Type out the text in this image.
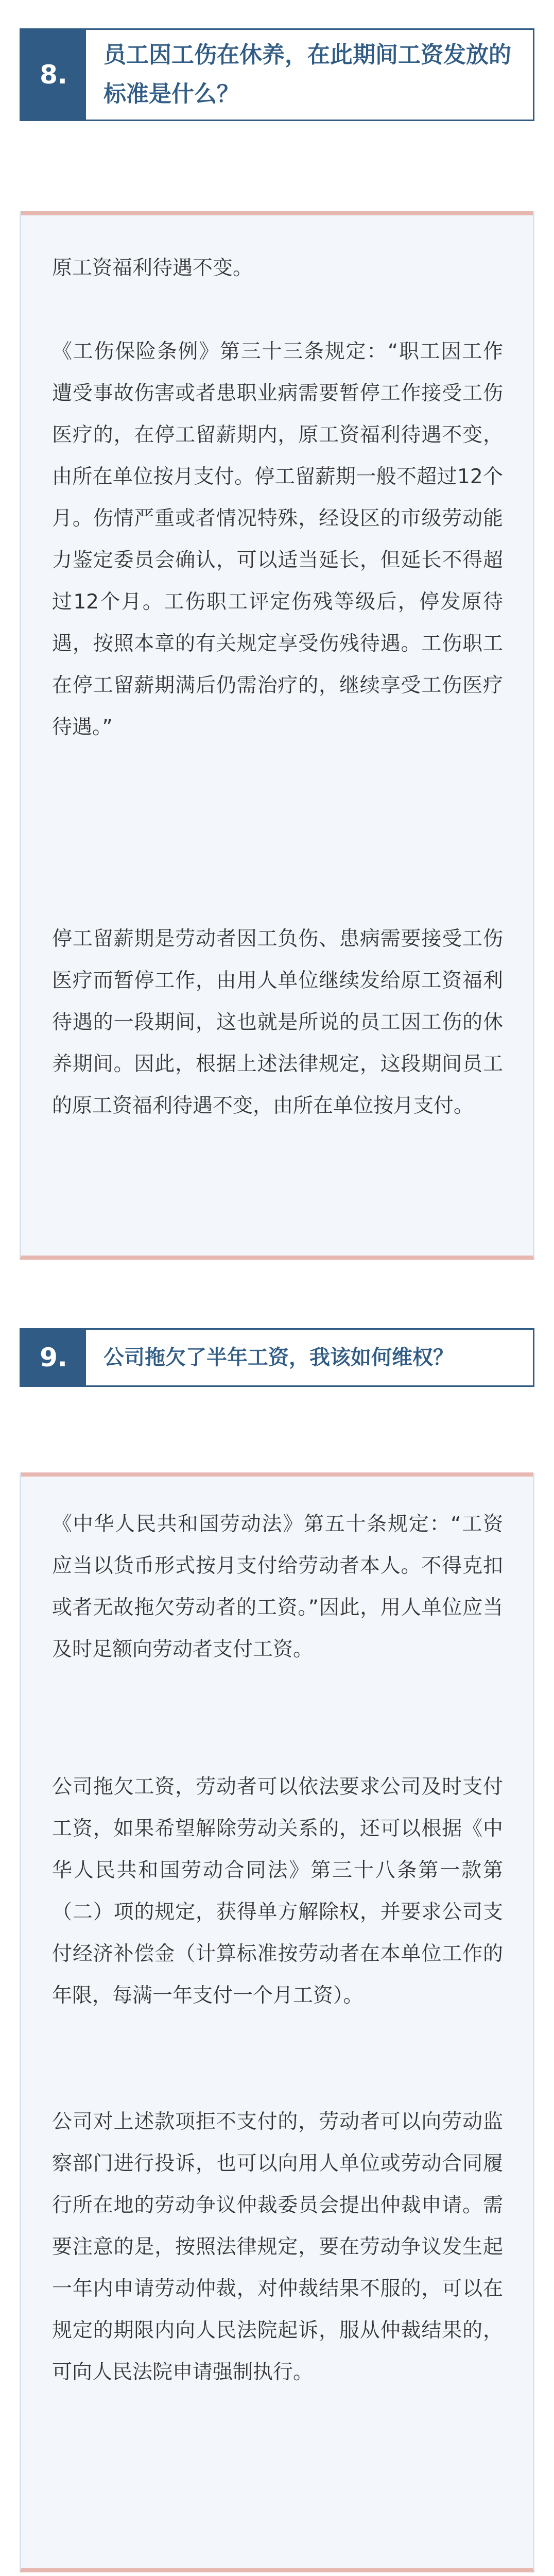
8.
员工因工伤在休养，在此期间工资发放的标准是什么？
原工资福利待遇不变。
《工伤保险条例》第三十三条规定：“职工因工作遭受事故伤害或者患职业病需要暂停工作接受工伤医疗的，在停工留薪期内，原工资福利待遇不变，由所在单位按月支付。停工留薪期一般不超过12个月。伤情严重或者情况特殊，经设区的市级劳动能力鉴定委员会确认，可以适当延长，但延长不得超过12个月。工伤职工评定伤残等级后，停发原待遇，按照本章的有关规定享受伤残待遇。工伤职工在停工留薪期满后仍需治疗的，继续享受工伤医疗待遇。”
停工留薪期是劳动者因工负伤、患病需要接受工伤医疗而暂停工作，由用人单位继续发给原工资福利待遇的一段期间，这也就是所说的员工因工伤的休养期间。因此，根据上述法律规定，这段期间员工的原工资福利待遇不变，由所在单位按月支付。
9.	公司拖欠了半年工资，我该如何维权？
《中华人民共和国劳动法》第五十条规定：“工资应当以货币形式按月支付给劳动者本人。不得克扣或者无故拖欠劳动者的工资。”因此，用人单位应当及时足额向劳动者支付工资。
公司拖欠工资，劳动者可以依法要求公司及时支付工资，如果希望解除劳动关系的，还可以根据《中华人民共和国劳动合同法》第三十八条第一款第（二）项的规定，获得单方解除权，并要求公司支付经济补偿金（计算标准按劳动者在本单位工作的年限，每满一年支付一个月工资）。
公司对上述款项拒不支付的，劳动者可以向劳动监察部门进行投诉，也可以向用人单位或劳动合同履行所在地的劳动争议仲裁委员会提出仲裁申请。需要注意的是，按照法律规定，要在劳动争议发生起一年内申请劳动仲裁，对仲裁结果不服的，可以在规定的期限内向人民法院起诉，服从仲裁结果的，可向人民法院申请强制执行。
